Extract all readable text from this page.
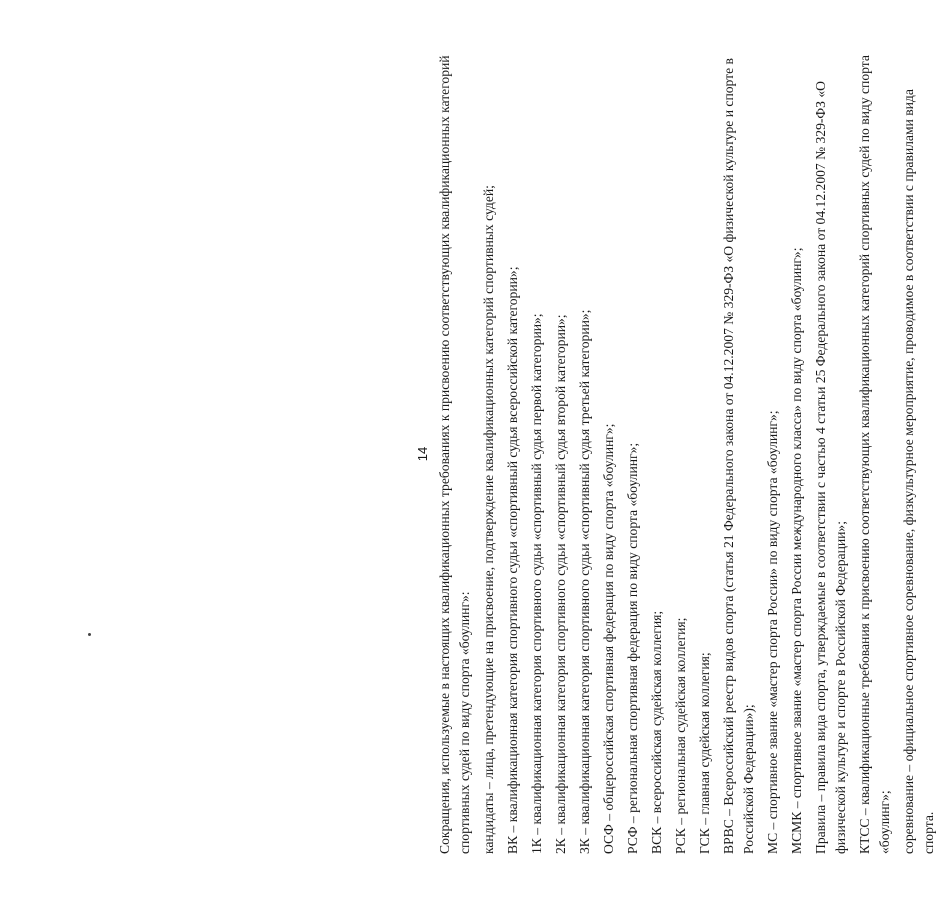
14 Сокращения, используемые в настоящих квалификационных требованиях к присвоению соответствующих квалификационных категорий спортивных судей по виду спорта «боулинг»: кандидаты – лица, претендующие на присвоение, подтверждение квалификационных категорий спортивных судей; ВК – квалификационная категория спортивного судьи «спортивный судья всероссийской категории»; 1К – квалификационная категория спортивного судьи «спортивный судья первой категории»; 2К – квалификационная категория спортивного судьи «спортивный судья второй категории»; 3К – квалификационная категория спортивного судьи «спортивный судья третьей категории»; ОСФ – общероссийская спортивная федерация по виду спорта «боулинг»; РСФ – региональная спортивная федерация по виду спорта «боулинг»; ВСК – всероссийская судейская коллегия; РСК – региональная судейская коллегия; ГСК – главная судейская коллегия; ВРВС – Всероссийский реестр видов спорта (статья 21 Федерального закона от 04.12.2007 № 329-ФЗ «О физической культуре и спорте в Российской Федерации»); МС – спортивное звание «мастер спорта России» по виду спорта «боулинг»; МСМК – спортивное звание «мастер спорта России международного класса» по виду спорта «боулинг»; Правила – правила вида спорта, утверждаемые в соответствии с частью 4 статьи 25 Федерального закона от 04.12.2007 № 329-ФЗ «О физической культуре и спорте в Российской Федерации»; КТСС – квалификационные требования к присвоению соответствующих квалификационных категорий спортивных судей по виду спорта «боулинг»; соревнование – официальное спортивное соревнование, физкультурное мероприятие, проводимое в соответствии с правилами вида спорта.
